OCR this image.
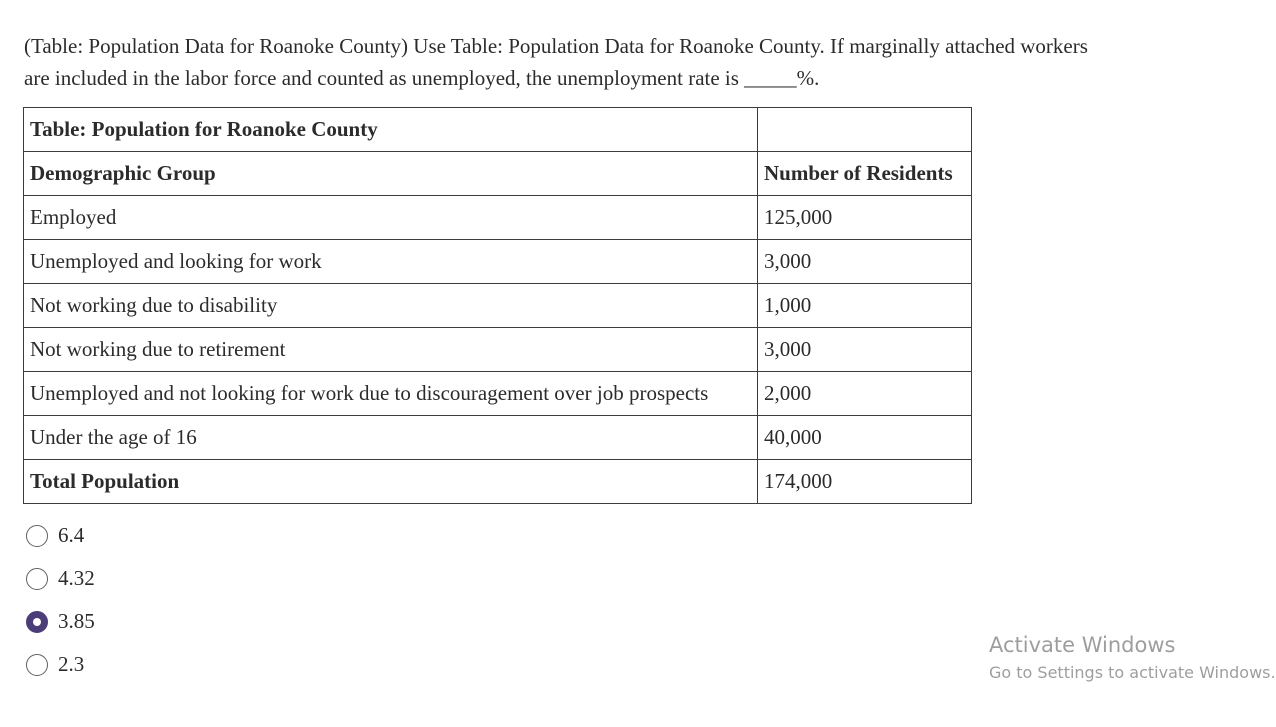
(Table: Population Data for Roanoke County) Use Table: Population Data for Roanoke County. If marginally attached workers are included in the labor force and counted as unemployed, the unemployment rate is _____%.
Table: Population for Roanoke County	
Demographic Group	Number of Residents
Employed	125,000
Unemployed and looking for work	3,000
Not working due to disability	1,000
Not working due to retirement	3,000
Unemployed and not looking for work due to discouragement over job prospects	2,000
Under the age of 16	40,000
Total Population	174,000
6.4
4.32
3.85
2.3
Activate Windows
Go to Settings to activate Windows.
